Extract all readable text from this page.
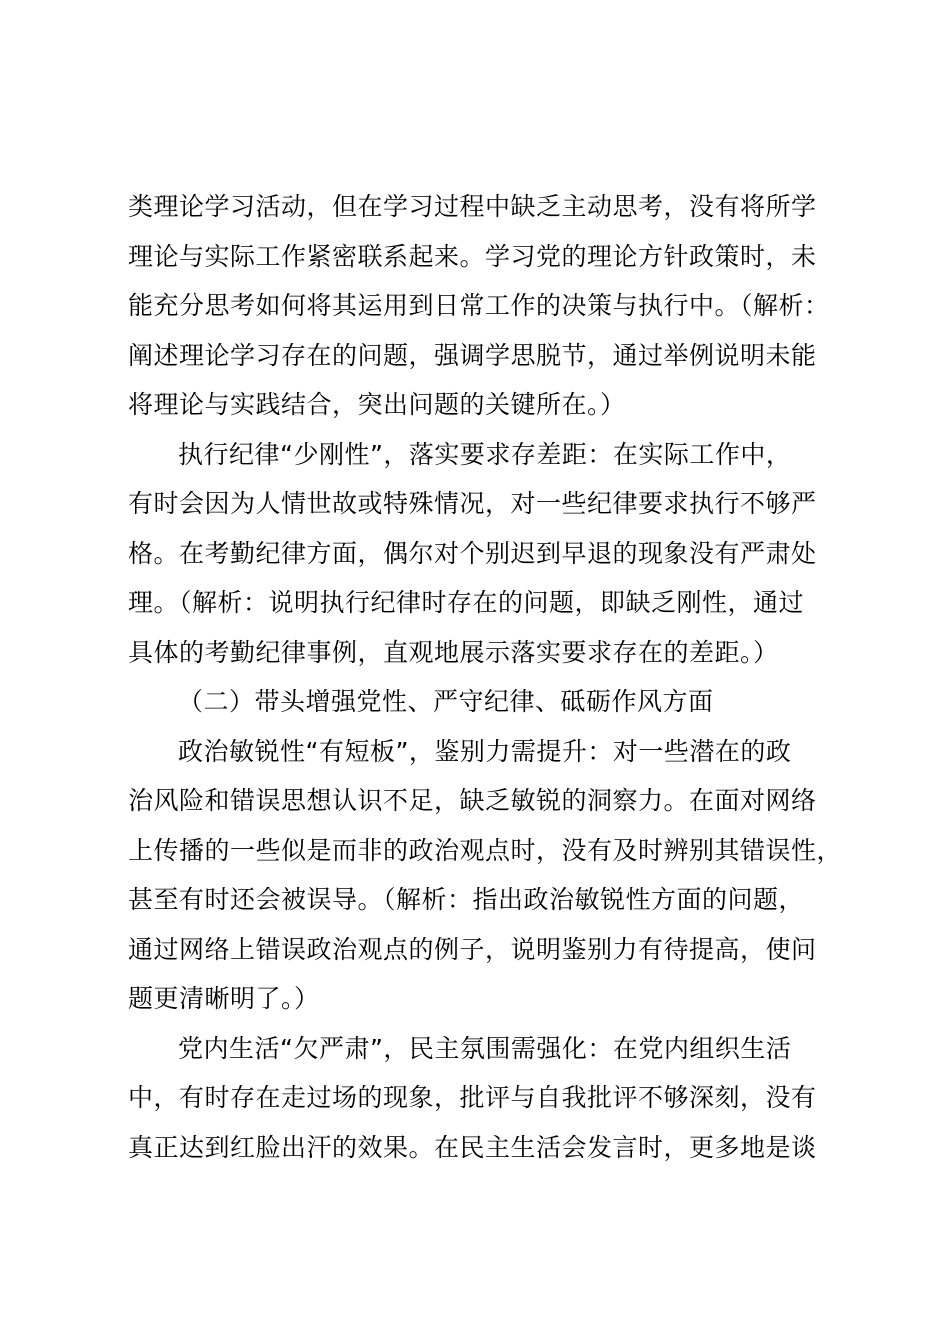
类理论学习活动，但在学习过程中缺乏主动思考，没有将所学
理论与实际工作紧密联系起来。学习党的理论方针政策时，未
能充分思考如何将其运用到日常工作的决策与执行中。（解析：
阐述理论学习存在的问题，强调学思脱节，通过举例说明未能
将理论与实践结合，突出问题的关键所在。）
执行纪律“少刚性”，落实要求存差距：在实际工作中，
有时会因为人情世故或特殊情况，对一些纪律要求执行不够严
格。在考勤纪律方面，偶尔对个别迟到早退的现象没有严肃处
理。（解析：说明执行纪律时存在的问题，即缺乏刚性，通过
具体的考勤纪律事例，直观地展示落实要求存在的差距。）
（二）带头增强党性、严守纪律、砥砺作风方面
政治敏锐性“有短板”，鉴别力需提升：对一些潜在的政
治风险和错误思想认识不足，缺乏敏锐的洞察力。在面对网络
上传播的一些似是而非的政治观点时，没有及时辨别其错误性，
甚至有时还会被误导。（解析：指出政治敏锐性方面的问题，
通过网络上错误政治观点的例子，说明鉴别力有待提高，使问
题更清晰明了。）
党内生活“欠严肃”，民主氛围需强化：在党内组织生活
中，有时存在走过场的现象，批评与自我批评不够深刻，没有
真正达到红脸出汗的效果。在民主生活会发言时，更多地是谈
